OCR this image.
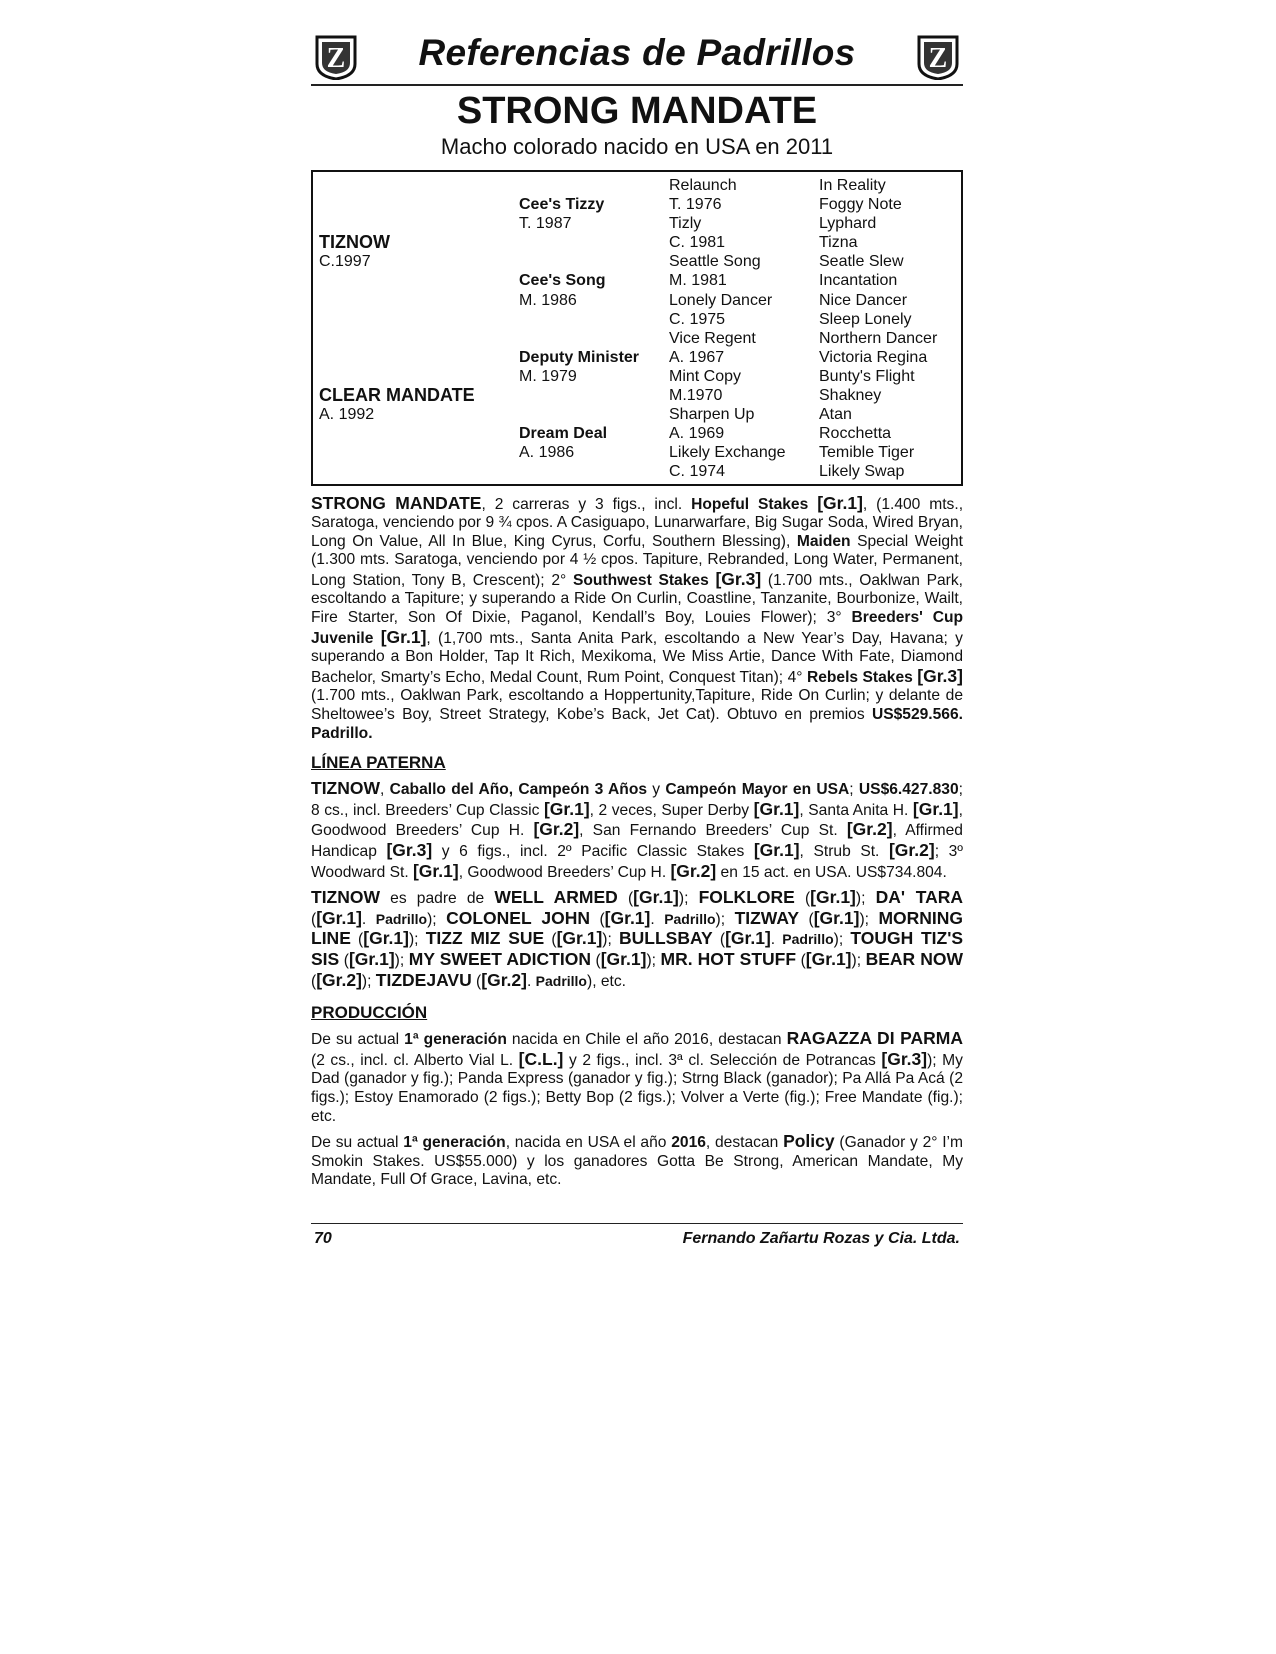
Z	Referencias de Padrillos	Z
STRONG MANDATE
Macho colorado nacido en USA en 2011
		Relaunch	In Reality
	Cee's Tizzy	T. 1976	Foggy Note
	T. 1987	Tizly	Lyphard
TIZNOW		C. 1981	Tizna
C.1997		Seattle Song	Seatle Slew
	Cee's Song	M. 1981	Incantation
	M. 1986	Lonely Dancer	Nice Dancer
		C. 1975	Sleep Lonely
		Vice Regent	Northern Dancer
	Deputy Minister	A. 1967	Victoria Regina
	M. 1979	Mint Copy	Bunty's Flight
CLEAR MANDATE		M.1970	Shakney
A. 1992		Sharpen Up	Atan
	Dream Deal	A. 1969	Rocchetta
	A. 1986	Likely Exchange	Temible Tiger
		C. 1974	Likely Swap

STRONG MANDATE, 2 carreras y 3 figs., incl. Hopeful Stakes [Gr.1], (1.400 mts., Saratoga, venciendo por 9 ¾ cpos. A Casiguapo, Lunarwarfare, Big Sugar Soda, Wired Bryan, Long On Value, All In Blue, King Cyrus, Corfu, Southern Blessing), Maiden Special Weight (1.300 mts. Saratoga, venciendo por 4 ½ cpos. Tapiture, Rebranded, Long Water, Permanent, Long Station, Tony B, Crescent); 2° Southwest Stakes [Gr.3] (1.700 mts., Oaklwan Park, escoltando a Tapiture; y superando a Ride On Curlin, Coastline, Tanzanite, Bourbonize, Wailt, Fire Starter, Son Of Dixie, Paganol, Kendall’s Boy, Louies Flower); 3° Breeders' Cup Juvenile [Gr.1], (1,700 mts., Santa Anita Park, escoltando a New Year’s Day, Havana; y superando a Bon Holder, Tap It Rich, Mexikoma, We Miss Artie, Dance With Fate, Diamond Bachelor, Smarty’s Echo, Medal Count, Rum Point, Conquest Titan); 4° Rebels Stakes [Gr.3] (1.700 mts., Oaklwan Park, escoltando a Hoppertunity,Tapiture, Ride On Curlin; y delante de Sheltowee’s Boy, Street Strategy, Kobe’s Back, Jet Cat). Obtuvo en premios US$529.566. Padrillo.

LÍNEA PATERNA

TIZNOW, Caballo del Año, Campeón 3 Años y Campeón Mayor en USA; US$6.427.830; 8 cs., incl. Breeders’ Cup Classic [Gr.1], 2 veces, Super Derby [Gr.1], Santa Anita H. [Gr.1], Goodwood Breeders’ Cup H. [Gr.2], San Fernando Breeders’ Cup St. [Gr.2], Affirmed Handicap [Gr.3] y 6 figs., incl. 2º Pacific Classic Stakes [Gr.1], Strub St. [Gr.2]; 3º Woodward St. [Gr.1], Goodwood Breeders’ Cup H. [Gr.2] en 15 act. en USA. US$734.804.

TIZNOW es padre de WELL ARMED ([Gr.1]); FOLKLORE ([Gr.1]); DA' TARA ([Gr.1]. Padrillo); COLONEL JOHN ([Gr.1]. Padrillo); TIZWAY ([Gr.1]); MORNING LINE ([Gr.1]); TIZZ MIZ SUE ([Gr.1]); BULLSBAY ([Gr.1]. Padrillo); TOUGH TIZ'S SIS ([Gr.1]); MY SWEET ADICTION ([Gr.1]); MR. HOT STUFF ([Gr.1]); BEAR NOW ([Gr.2]); TIZDEJAVU ([Gr.2]. Padrillo), etc.

PRODUCCIÓN

De su actual 1ª generación nacida en Chile el año 2016, destacan RAGAZZA DI PARMA (2 cs., incl. cl. Alberto Vial L. [C.L.] y 2 figs., incl. 3ª cl. Selección de Potrancas [Gr.3]); My Dad (ganador y fig.); Panda Express (ganador y fig.); Strng Black (ganador); Pa Allá Pa Acá (2 figs.); Estoy Enamorado (2 figs.); Betty Bop (2 figs.); Volver a Verte (fig.); Free Mandate (fig.); etc.

De su actual 1ª generación, nacida en USA el año 2016, destacan Policy (Ganador y 2° I’m Smokin Stakes. US$55.000) y los ganadores Gotta Be Strong, American Mandate, My Mandate, Full Of Grace, Lavina, etc.

70	Fernando Zañartu Rozas y Cia. Ltda.
